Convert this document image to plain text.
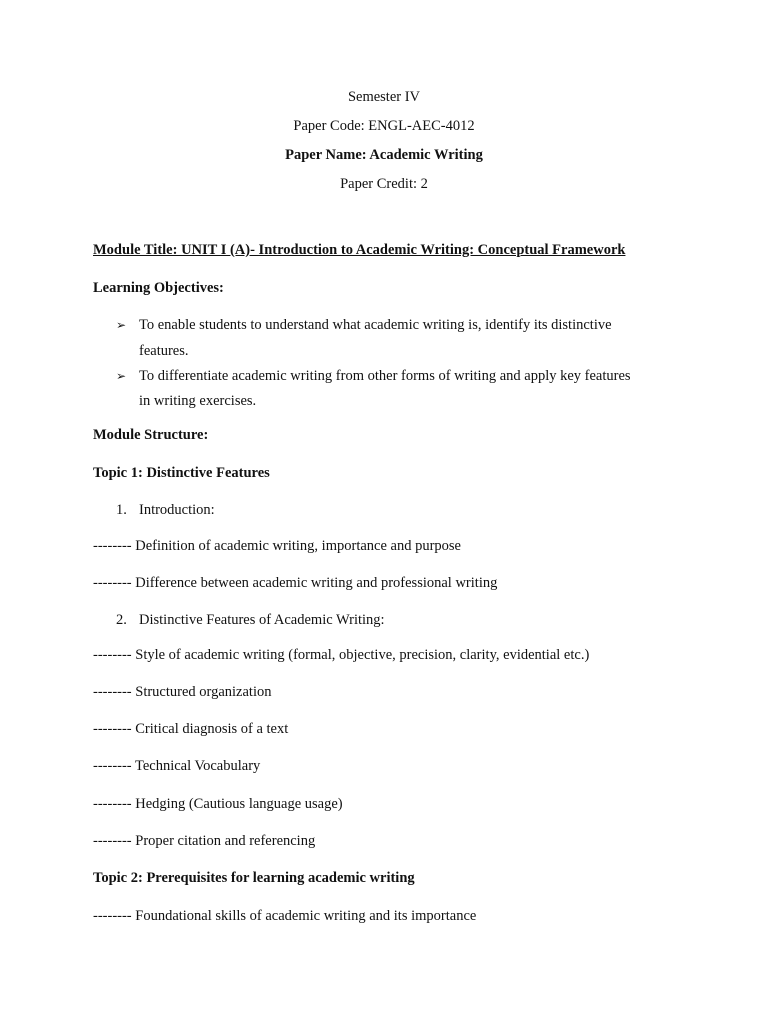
Semester IV
Paper Code: ENGL-AEC-4012
Paper Name: Academic Writing
Paper Credit: 2
Module Title: UNIT I (A)- Introduction to Academic Writing: Conceptual Framework
Learning Objectives:
➢ To enable students to understand what academic writing is, identify its distinctive
features.
➢ To differentiate academic writing from other forms of writing and apply key features
in writing exercises.
Module Structure:
Topic 1: Distinctive Features
1. Introduction:
-------- Definition of academic writing, importance and purpose
-------- Difference between academic writing and professional writing
2. Distinctive Features of Academic Writing:
-------- Style of academic writing (formal, objective, precision, clarity, evidential etc.)
-------- Structured organization
-------- Critical diagnosis of a text
-------- Technical Vocabulary
-------- Hedging (Cautious language usage)
-------- Proper citation and referencing
Topic 2: Prerequisites for learning academic writing
-------- Foundational skills of academic writing and its importance
